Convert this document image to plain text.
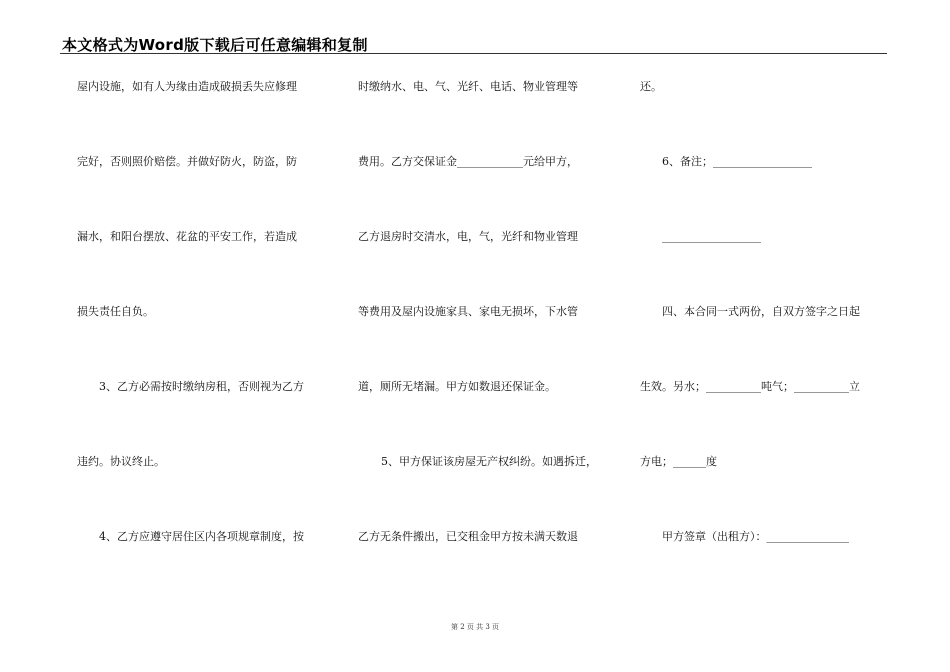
本文格式为Word版下载后可任意编辑和复制
屋内设施，如有人为缘由造成破损丢失应修理
完好，否则照价赔偿。并做好防火，防盗，防
漏水，和阳台摆放、花盆的平安工作，若造成
损失责任自负。
3、乙方必需按时缴纳房租，否则视为乙方
违约。协议终止。
4、乙方应遵守居住区内各项规章制度，按
时缴纳水、电、气、光纤、电话、物业管理等
费用。乙方交保证金____________元给甲方，
乙方退房时交清水，电，气，光纤和物业管理
等费用及屋内设施家具、家电无损坏，下水管
道，厕所无堵漏。甲方如数退还保证金。
5、甲方保证该房屋无产权纠纷。如遇拆迁，
乙方无条件搬出，已交租金甲方按未满天数退
还。
6、备注；__________________
__________________
四、本合同一式两份，自双方签字之日起
生效。另水；__________吨气；__________立
方电；______度
甲方签章（出租方）：_______________
第 2 页 共 3 页
